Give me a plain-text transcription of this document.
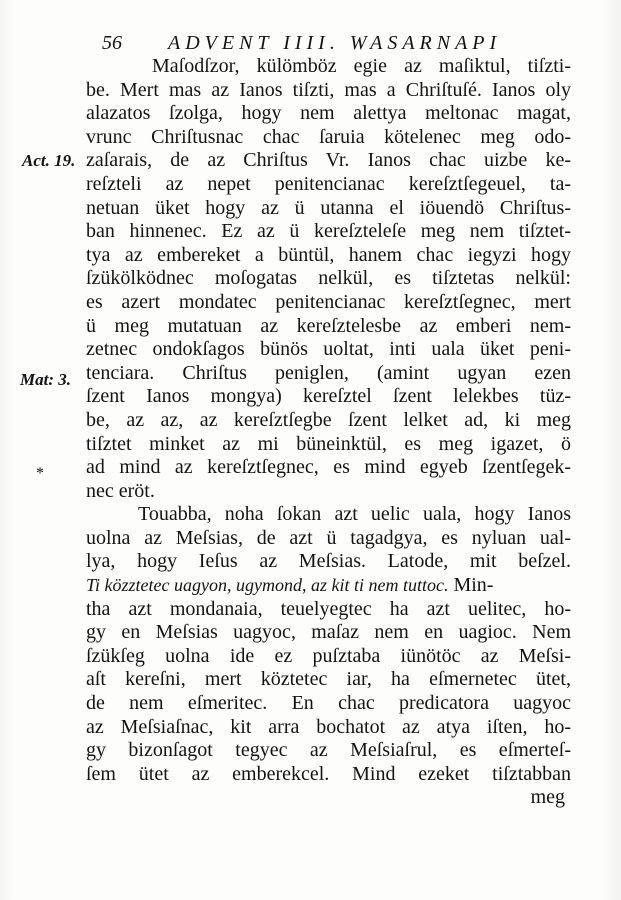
56 ADVENT IIII. WASARNAPI
Act. 19.
Mat: 3.
*
Maſodſzor, külömböz egie az maſiktul, tiſzti-
be. Mert mas az Ianos tiſzti, mas a Chriſtuſé. Ianos oly
alazatos ſzolga, hogy nem alettya meltonac magat,
vrunc Chriſtusnac chac ſaruia kötelenec meg odo-
zaſarais, de az Chriſtus Vr. Ianos chac uizbe ke-
reſzteli az nepet penitencianac kereſztſegeuel, ta-
netuan üket hogy az ü utanna el iöuendö Chriſtus-
ban hinnenec. Ez az ü kereſzteleſe meg nem tiſztet-
tya az embereket a büntül, hanem chac iegyzi hogy
ſzükölködnec moſogatas nelkül, es tiſztetas nelkül:
es azert mondatec penitencianac kereſztſegnec, mert
ü meg mutatuan az kereſztelesbe az emberi nem-
zetnec ondokſagos bünös uoltat, inti uala üket peni-
tenciara. Chriſtus peniglen, (amint ugyan ezen
ſzent Ianos mongya) kereſztel ſzent lelekbes tüz-
be, az az, az kereſztſegbe ſzent lelket ad, ki meg
tiſztet minket az mi büneinktül, es meg igazet, ö
ad mind az kereſztſegnec, es mind egyeb ſzentſegek-
nec eröt.
Touabba, noha ſokan azt uelic uala, hogy Ianos
uolna az Meſsias, de azt ü tagadgya, es nyluan ual-
lya, hogy Ieſus az Meſsias. Latode, mit beſzel.
Ti közztetec uagyon, ugymond, az kit ti nem tuttoc. Min-
tha azt mondanaia, teuelyegtec ha azt uelitec, ho-
gy en Meſsias uagyoc, maſaz nem en uagioc. Nem
ſzükſeg uolna ide ez puſztaba iünötöc az Meſsi-
aſt kereſni, mert köztetec iar, ha eſmernetec ütet,
de nem eſmeritec. En chac predicatora uagyoc
az Meſsiaſnac, kit arra bochatot az atya iſten, ho-
gy bizonſagot tegyec az Meſsiaſrul, es eſmerteſ-
ſem ütet az emberekcel. Mind ezeket tiſztabban
meg
